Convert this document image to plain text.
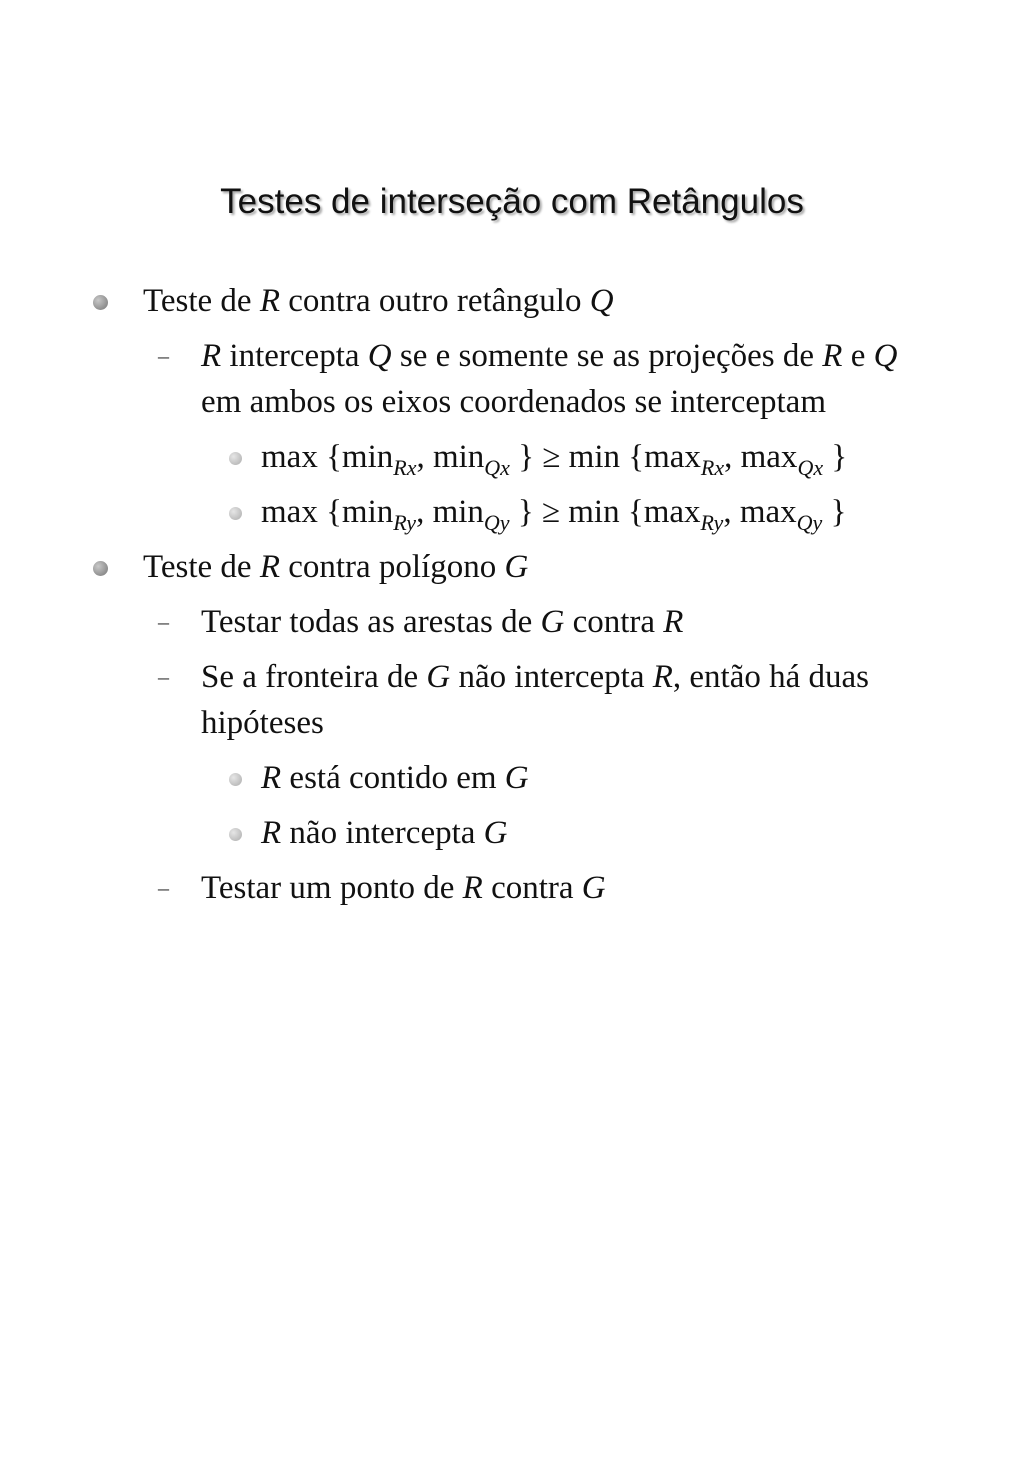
Testes de interseção com Retângulos
Teste de R contra outro retângulo Q
– R intercepta Q se e somente se as projeções de R e Q em ambos os eixos coordenados se interceptam
$\max \{\min_{Rx}$, $\min_{Qx}$ } ≥ $\min \{\max_{Rx}$, $\max_{Qx}$ }
$\max \{\min_{Ry}$, $\min_{Qy}$ } ≥ $\min \{\max_{Ry}$, $\max_{Qy}$ }
Teste de R contra polígono G
– Testar todas as arestas de G contra R
– Se a fronteira de G não intercepta R, então há duas hipóteses
R está contido em G
R não intercepta G
– Testar um ponto de R contra G
